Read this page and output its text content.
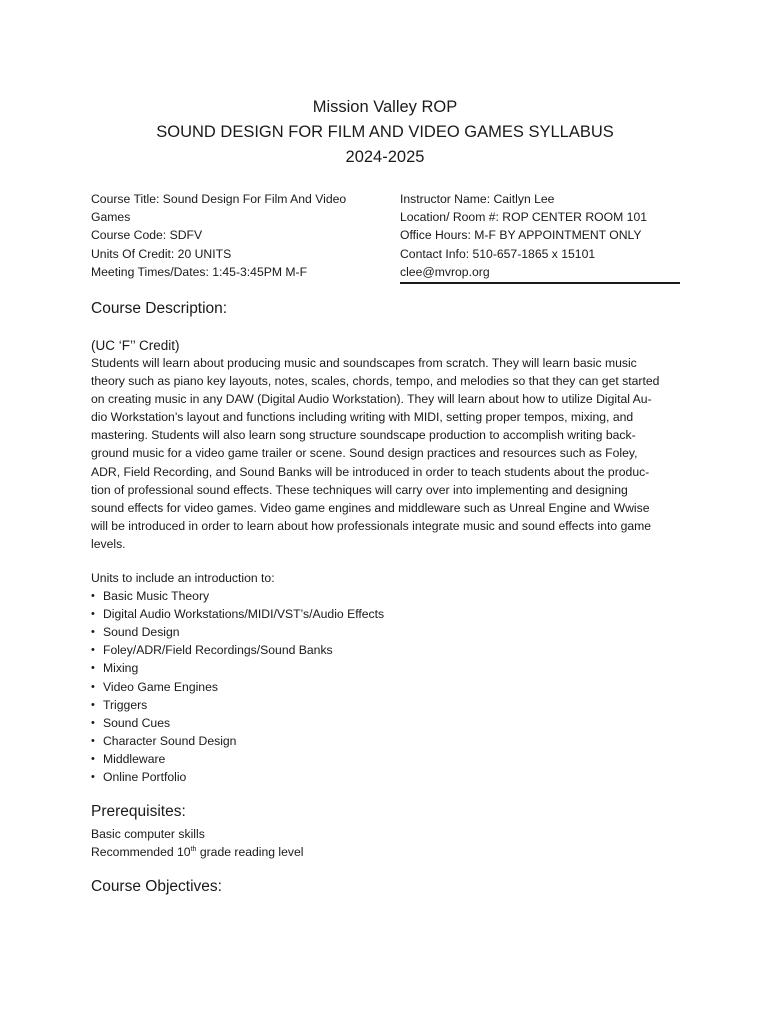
Mission Valley ROP
SOUND DESIGN FOR FILM AND VIDEO GAMES SYLLABUS
2024-2025
Course Title: Sound Design For Film And Video
Games
Course Code: SDFV
Units Of Credit: 20 UNITS
Meeting Times/Dates: 1:45-3:45PM M-F
Instructor Name: Caitlyn Lee
Location/ Room #: ROP CENTER ROOM 101
Office Hours: M-F BY APPOINTMENT ONLY
Contact Info: 510-657-1865 x 15101
clee@mvrop.org
Course Description:
(UC ‘F’’ Credit)
Students will learn about producing music and soundscapes from scratch. They will learn basic music
theory such as piano key layouts, notes, scales, chords, tempo, and melodies so that they can get started
on creating music in any DAW (Digital Audio Workstation). They will learn about how to utilize Digital Au-
dio Workstation’s layout and functions including writing with MIDI, setting proper tempos, mixing, and
mastering. Students will also learn song structure soundscape production to accomplish writing back-
ground music for a video game trailer or scene. Sound design practices and resources such as Foley,
ADR, Field Recording, and Sound Banks will be introduced in order to teach students about the produc-
tion of professional sound effects. These techniques will carry over into implementing and designing
sound effects for video games. Video game engines and middleware such as Unreal Engine and Wwise
will be introduced in order to learn about how professionals integrate music and sound effects into game
levels.
Units to include an introduction to:
• Basic Music Theory
• Digital Audio Workstations/MIDI/VST’s/Audio Effects
• Sound Design
• Foley/ADR/Field Recordings/Sound Banks
• Mixing
• Video Game Engines
• Triggers
• Sound Cues
• Character Sound Design
• Middleware
• Online Portfolio
Prerequisites:
Basic computer skills
Recommended 10th grade reading level
Course Objectives:
